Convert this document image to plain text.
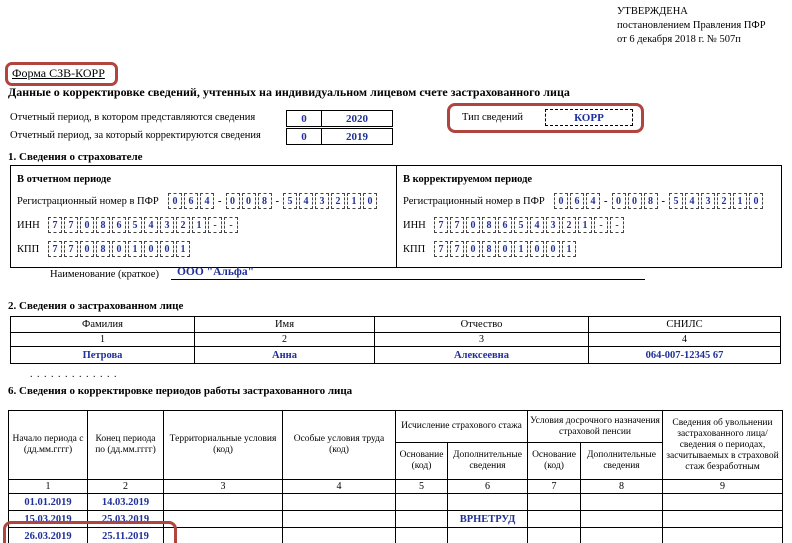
УТВЕРЖДЕНА
постановлением Правления ПФР
от 6 декабря 2018 г. № 507п
Форма СЗВ-КОРР
Данные о корректировке сведений, учтенных на индивидуальном лицевом счете застрахованного лица
Отчетный период, в котором представляются сведения	0	2020
Отчетный период, за который корректируются сведения	0	2019
Тип сведений	КОРР
1. Сведения о страхователе
В отчетном периоде
Регистрационный номер в ПФР	0 6 4 - 0 0 8 - 5 4 3 2 1 0
ИНН	7 7 0 8 6 5 4 3 2 1 - -
КПП	7 7 0 8 0 1 0 0 1
В корректируемом периоде
Регистрационный номер в ПФР	0 6 4 - 0 0 8 - 5 4 3 2 1 0
ИНН	7 7 0 8 6 5 4 3 2 1 - -
КПП	7 7 0 8 0 1 0 0 1
Наименование (краткое)	ООО "Альфа"
2. Сведения о застрахованном лице
Фамилия	Имя	Отчество	СНИЛС
1	2	3	4
Петрова	Анна	Алексеевна	064-007-12345 67
. . . . . . . . . . . . .
6. Сведения о корректировке периодов работы застрахованного лица
Начало периода с (дд.мм.гггг)	Конец периода по (дд.мм.гггг)	Территориальные условия (код)	Особые условия труда (код)	Исчисление страхового стажа		Условия досрочного назначения страховой пенсии		Сведения об увольнении застрахованного лица/ сведения о периодах, засчитываемых в страховой стаж безработным
				Основание (код)	Дополнительные сведения	Основание (код)	Дополнительные сведения	
1	2	3	4	5	6	7	8	9
01.01.2019	14.03.2019							
15.03.2019	25.03.2019				ВРНЕТРУД			
26.03.2019	25.11.2019							
